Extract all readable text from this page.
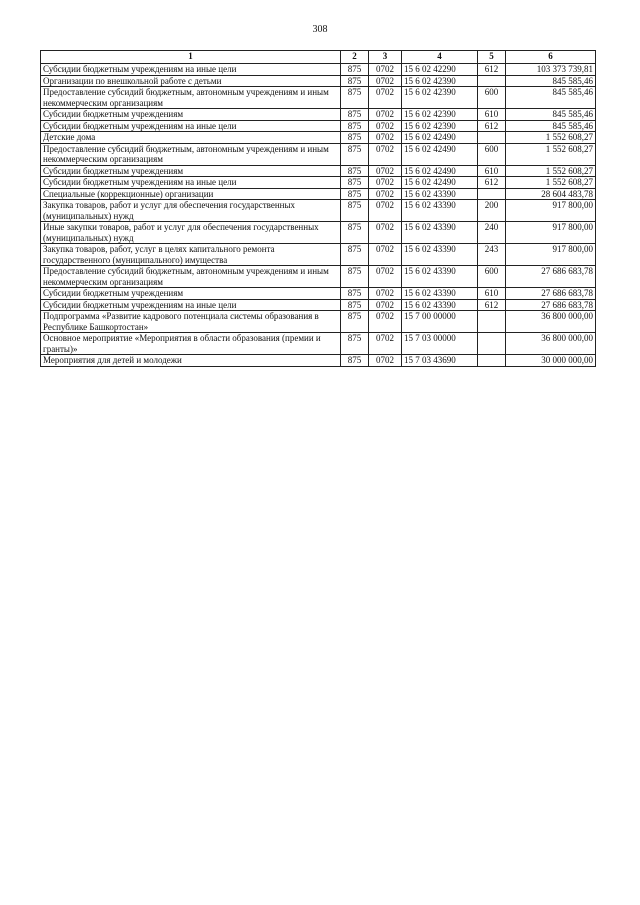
308
1	2	3	4	5	6
Субсидии бюджетным учреждениям на иные цели	875	0702	15 6 02 42290	612	103 373 739,81
Организации по внешкольной работе с детьми	875	0702	15 6 02 42390		845 585,46
Предоставление субсидий бюджетным, автономным учреждениям и иным некоммерческим организациям	875	0702	15 6 02 42390	600	845 585,46
Субсидии бюджетным учреждениям	875	0702	15 6 02 42390	610	845 585,46
Субсидии бюджетным учреждениям на иные цели	875	0702	15 6 02 42390	612	845 585,46
Детские дома	875	0702	15 6 02 42490		1 552 608,27
Предоставление субсидий бюджетным, автономным учреждениям и иным некоммерческим организациям	875	0702	15 6 02 42490	600	1 552 608,27
Субсидии бюджетным учреждениям	875	0702	15 6 02 42490	610	1 552 608,27
Субсидии бюджетным учреждениям на иные цели	875	0702	15 6 02 42490	612	1 552 608,27
Специальные (коррекционные) организации	875	0702	15 6 02 43390		28 604 483,78
Закупка товаров, работ и услуг для обеспечения государственных (муниципальных) нужд	875	0702	15 6 02 43390	200	917 800,00
Иные закупки товаров, работ и услуг для обеспечения государственных (муниципальных) нужд	875	0702	15 6 02 43390	240	917 800,00
Закупка товаров, работ, услуг в целях капитального ремонта государственного (муниципального) имущества	875	0702	15 6 02 43390	243	917 800,00
Предоставление субсидий бюджетным, автономным учреждениям и иным некоммерческим организациям	875	0702	15 6 02 43390	600	27 686 683,78
Субсидии бюджетным учреждениям	875	0702	15 6 02 43390	610	27 686 683,78
Субсидии бюджетным учреждениям на иные цели	875	0702	15 6 02 43390	612	27 686 683,78
Подпрограмма «Развитие кадрового потенциала системы образования в Республике Башкортостан»	875	0702	15 7 00 00000		36 800 000,00
Основное мероприятие «Мероприятия в области образования (премии и гранты)»	875	0702	15 7 03 00000		36 800 000,00
Мероприятия для детей и молодежи	875	0702	15 7 03 43690		30 000 000,00
